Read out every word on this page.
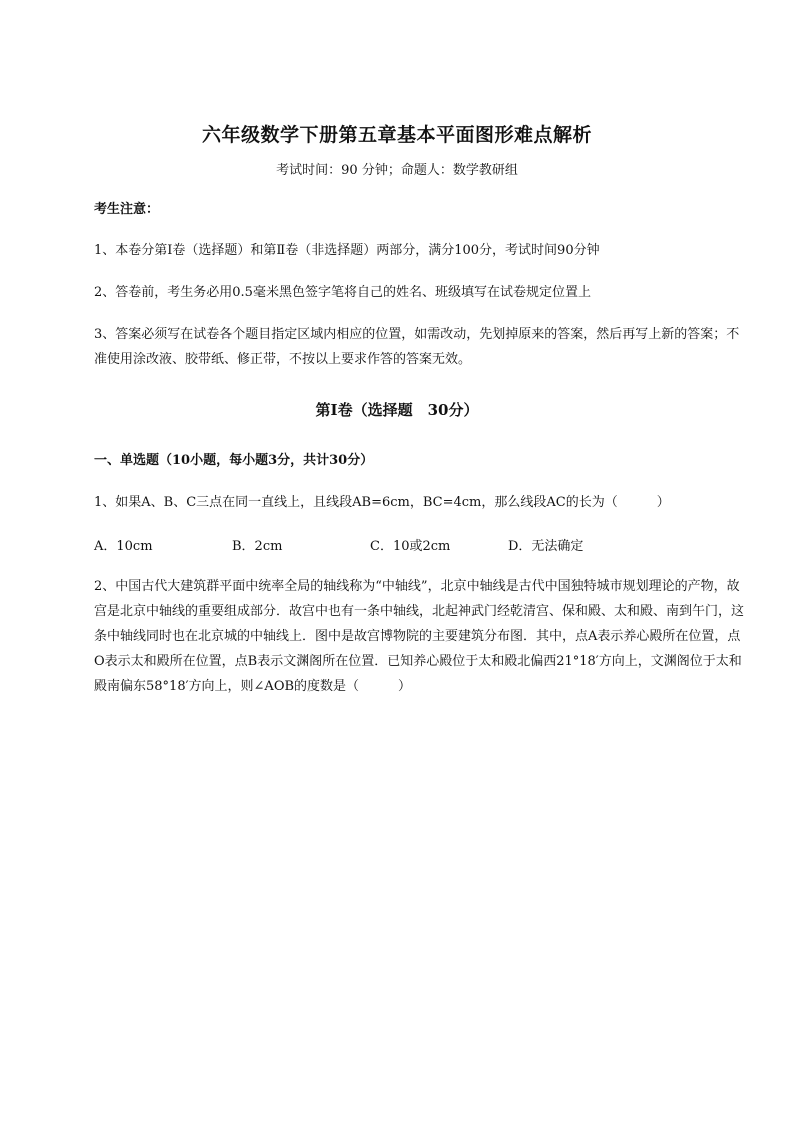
六年级数学下册第五章基本平面图形难点解析
考试时间：90 分钟；命题人：数学教研组
考生注意：
1、本卷分第I卷（选择题）和第Ⅱ卷（非选择题）两部分，满分100分，考试时间90分钟
2、答卷前，考生务必用0.5毫米黑色签字笔将自己的姓名、班级填写在试卷规定位置上
3、答案必须写在试卷各个题目指定区域内相应的位置，如需改动，先划掉原来的答案，然后再写上新的答案；不准使用涂改液、胶带纸、修正带，不按以上要求作答的答案无效。
第I卷（选择题　30分）
一、单选题（10小题，每小题3分，共计30分）
1、如果A、B、C三点在同一直线上，且线段AB=6cm，BC=4cm，那么线段AC的长为（　　　）
A．10cm	B．2cm	C．10或2cm	D．无法确定
2、中国古代大建筑群平面中统率全局的轴线称为“中轴线”，北京中轴线是古代中国独特城市规划理论的产物，故宫是北京中轴线的重要组成部分．故宫中也有一条中轴线，北起神武门经乾清宫、保和殿、太和殿、南到午门，这条中轴线同时也在北京城的中轴线上．图中是故宫博物院的主要建筑分布图．其中，点A表示养心殿所在位置，点O表示太和殿所在位置，点B表示文渊阁所在位置．已知养心殿位于太和殿北偏西21°18′方向上，文渊阁位于太和殿南偏东58°18′方向上，则∠AOB的度数是（　　　）
